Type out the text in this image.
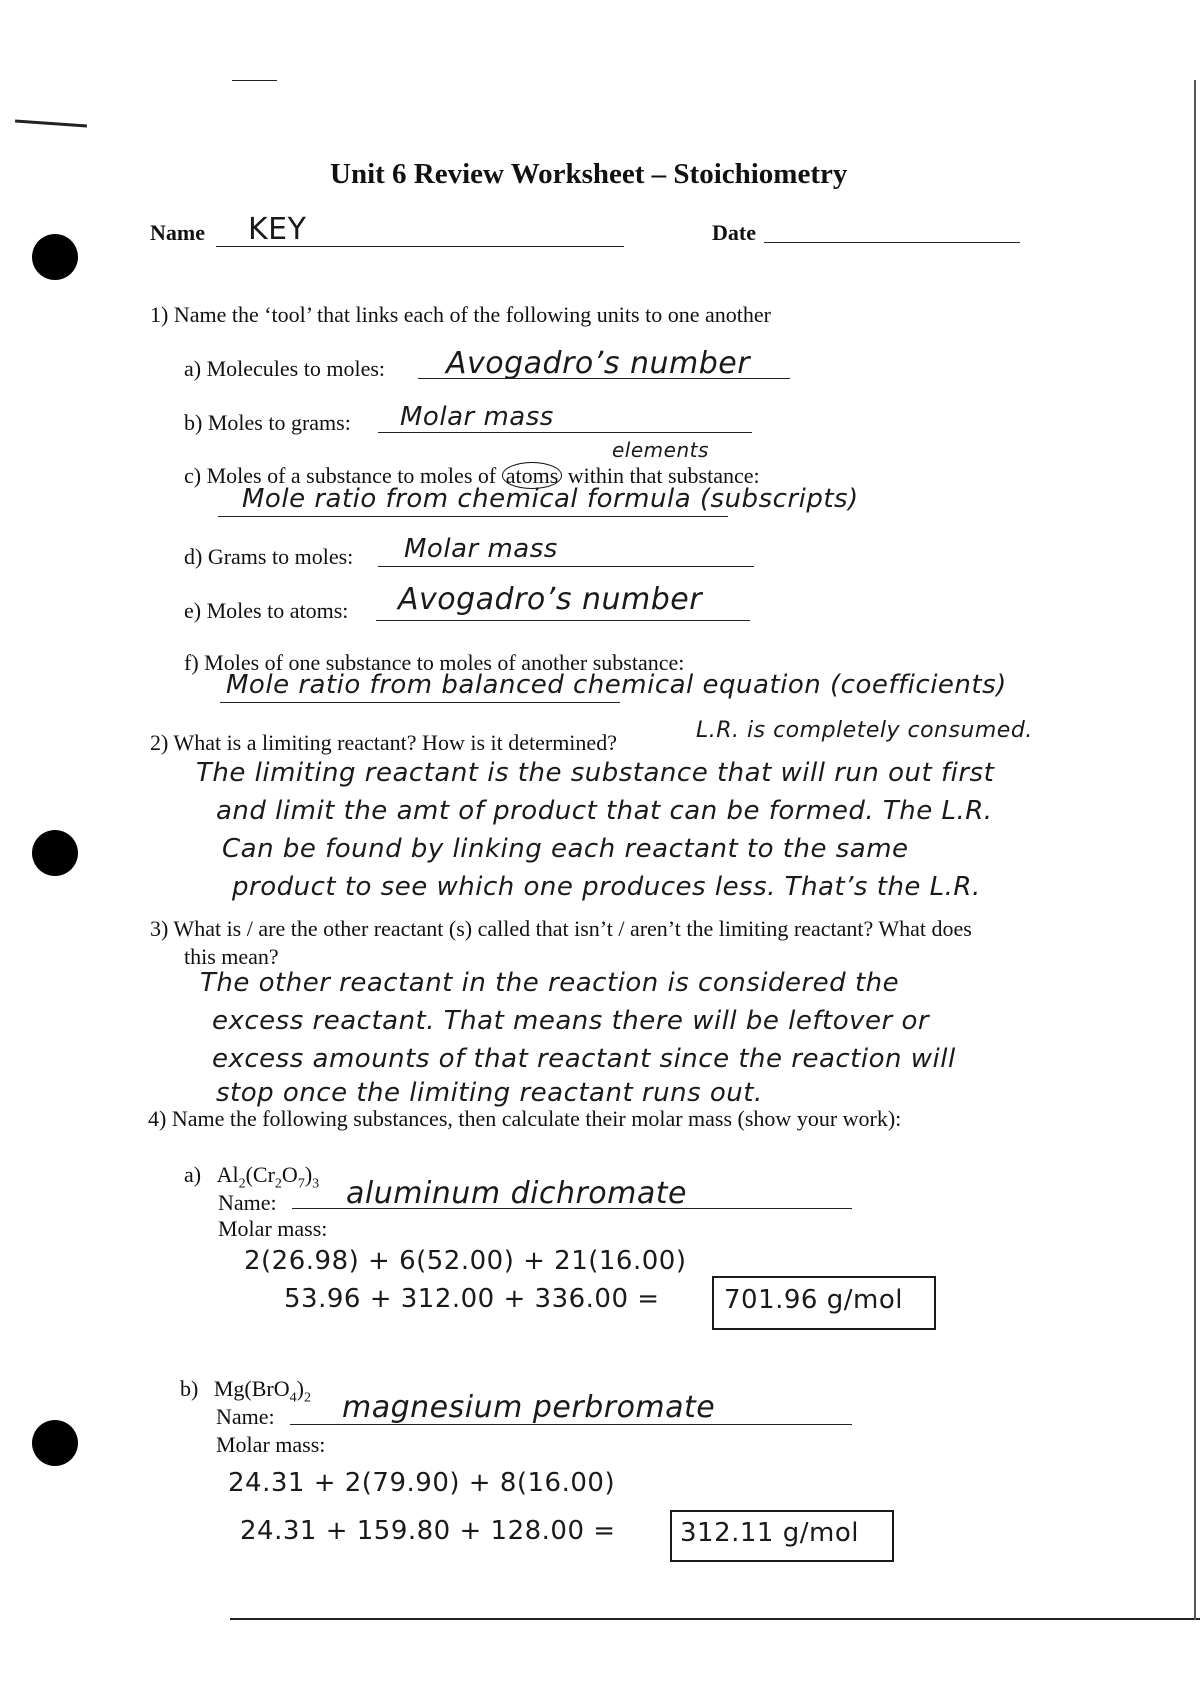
Unit 6 Review Worksheet – Stoichiometry
Name KEY	Date
1) Name the ‘tool’ that links each of the following units to one another
a) Molecules to moles: Avogadro’s number
b) Moles to grams: Molar mass
elements
c) Moles of a substance to moles of atoms within that substance:
Mole ratio from chemical formula (subscripts)
d) Grams to moles: Molar mass
e) Moles to atoms: Avogadro’s number
f) Moles of one substance to moles of another substance:
Mole ratio from balanced chemical equation (coefficients)
L.R. is completely consumed.
2) What is a limiting reactant? How is it determined?
The limiting reactant is the substance that will run out first
and limit the amt of product that can be formed. The L.R.
Can be found by linking each reactant to the same
product to see which one produces less. That’s the L.R.
3) What is / are the other reactant (s) called that isn’t / aren’t the limiting reactant? What does
this mean?
The other reactant in the reaction is considered the
excess reactant. That means there will be leftover or
excess amounts of that reactant since the reaction will
stop once the limiting reactant runs out.
4) Name the following substances, then calculate their molar mass (show your work):
a) $Al_2(Cr_2O_7)_3$
Name: aluminum dichromate
Molar mass:
2(26.98) + 6(52.00) + 21(16.00)
53.96 + 312.00 + 336.00 = 701.96 g/mol
b) $Mg(BrO_4)_2$
Name: magnesium perbromate
Molar mass:
24.31 + 2(79.90) + 8(16.00)
24.31 + 159.80 + 128.00 = 312.11 g/mol
